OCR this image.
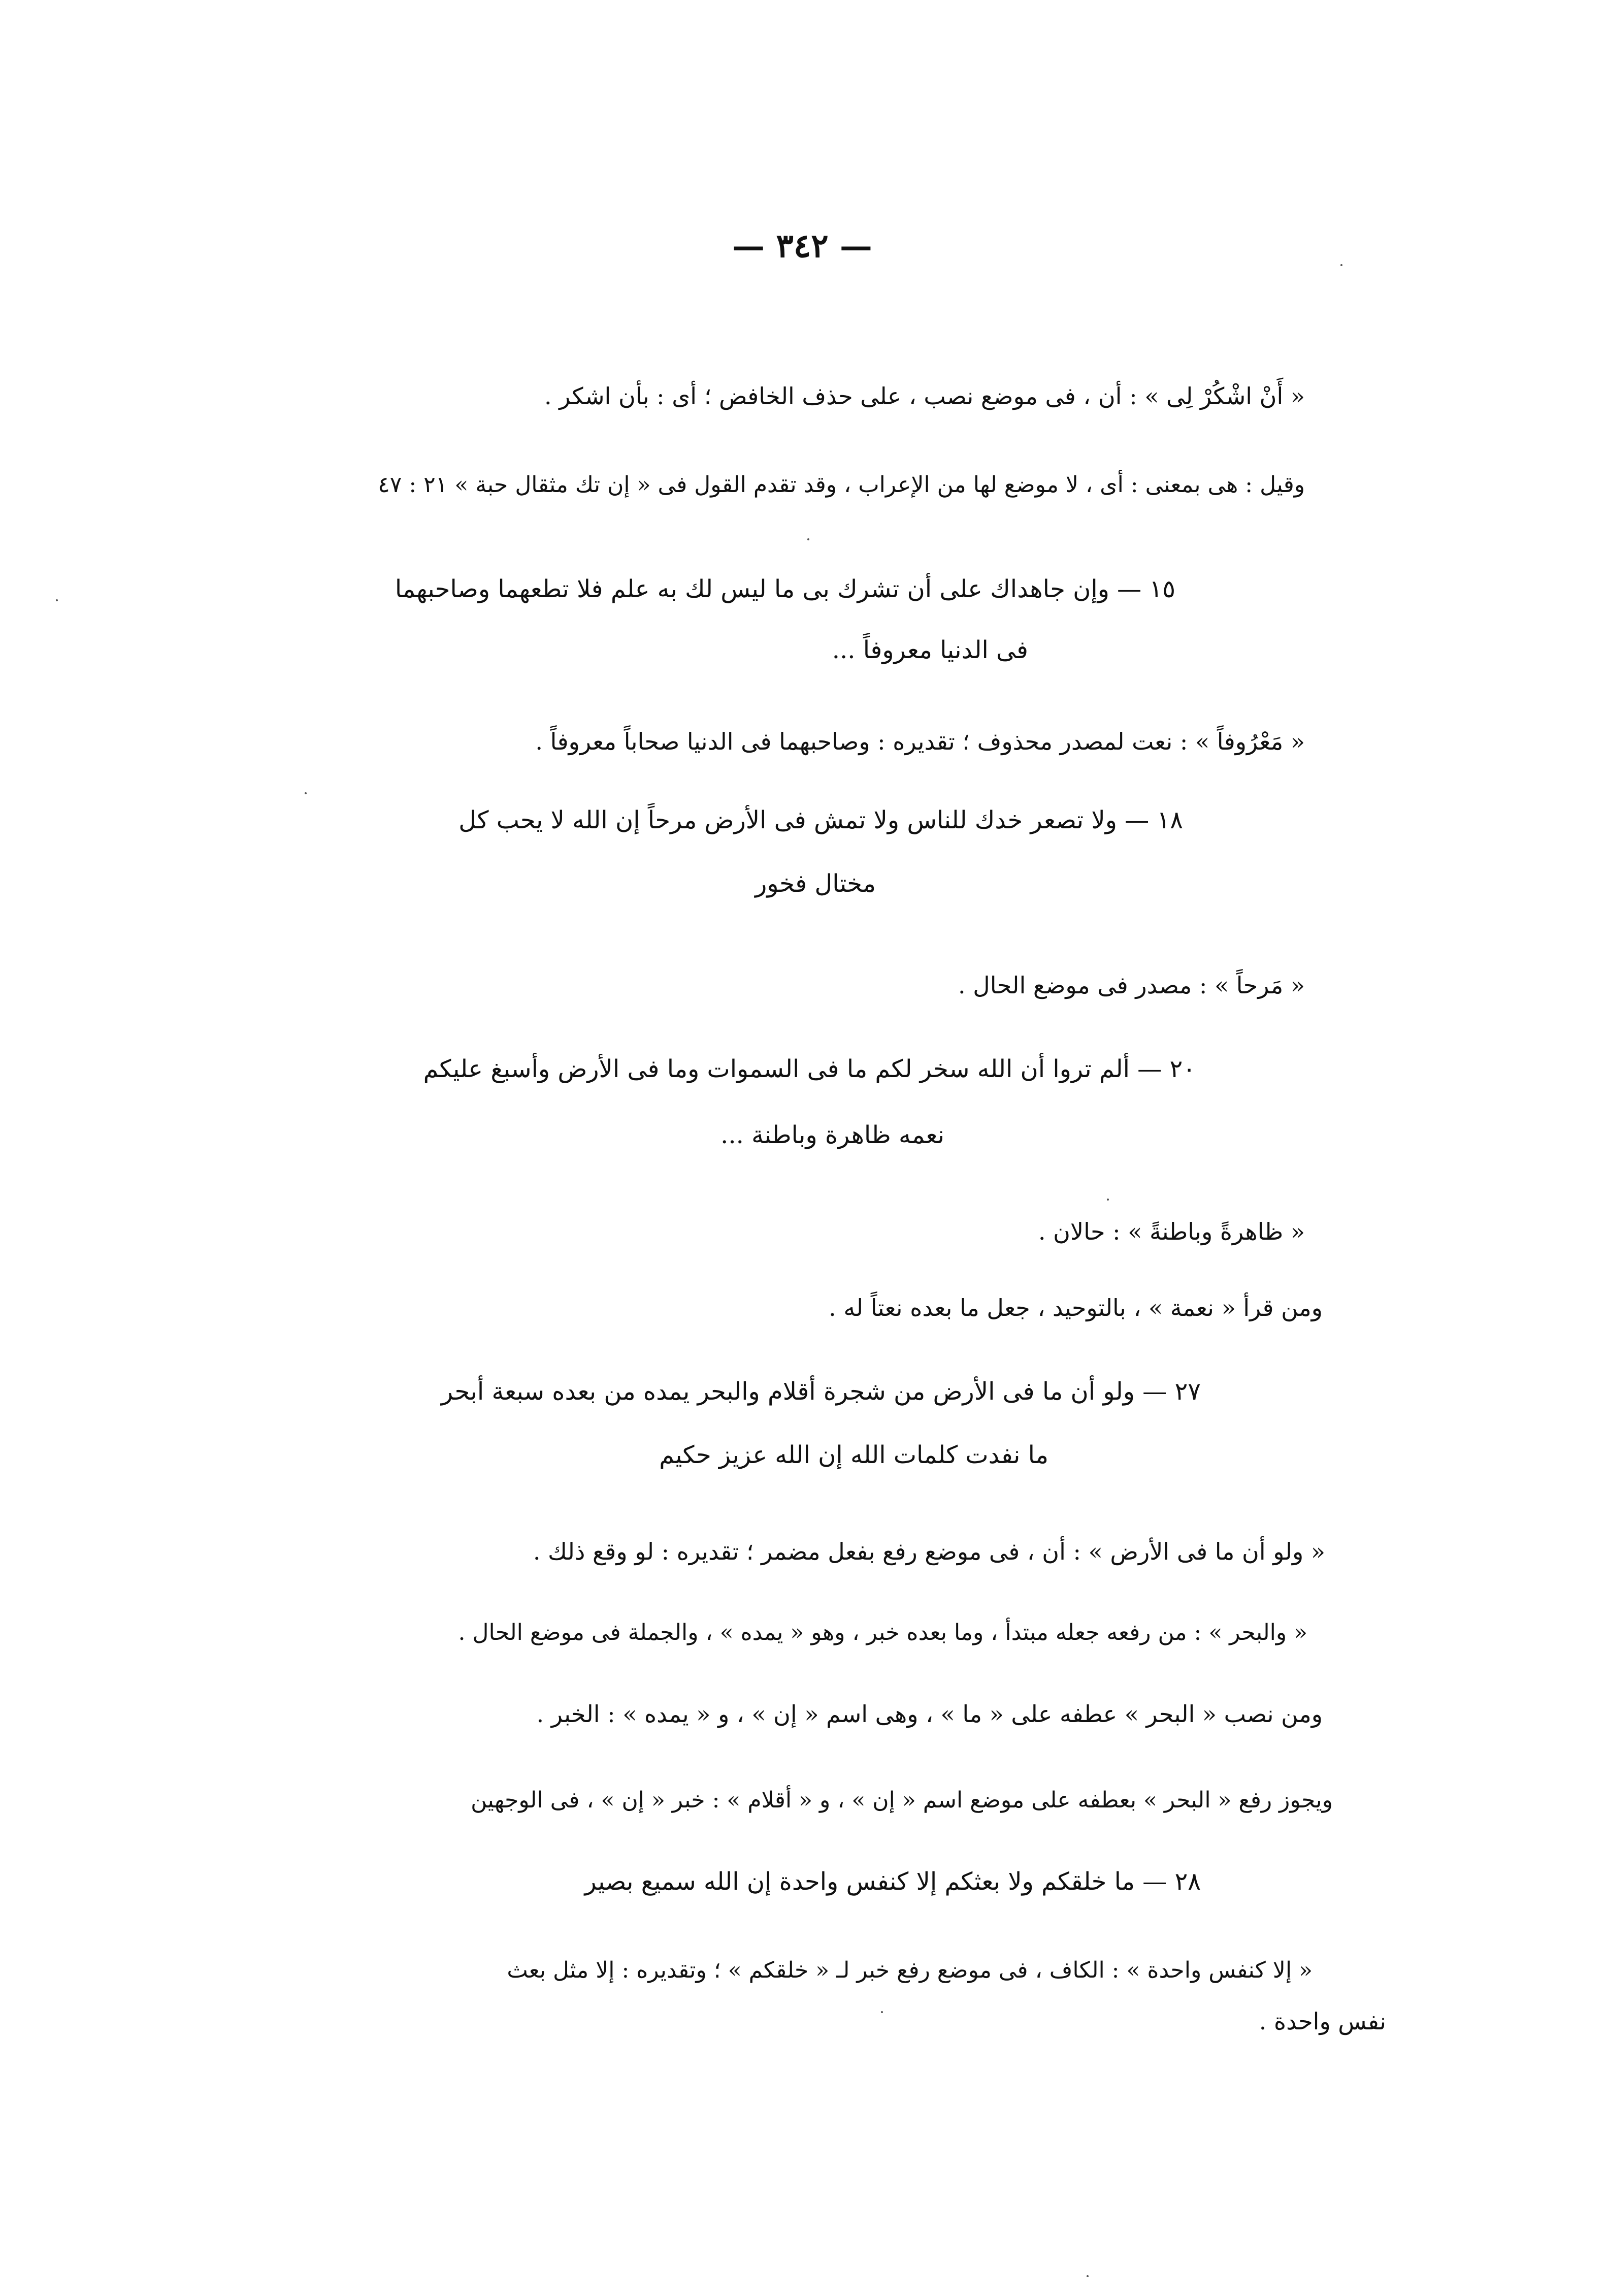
— ٣٤٢ —
« أَنْ اشْكُرْ لِى » : أن ، فى موضع نصب ، على حذف الخافض ؛ أى : بأن اشكر .
وقيل : هى بمعنى : أى ، لا موضع لها من الإعراب ، وقد تقدم القول فى « إن تك مثقال حبة » ٢١ : ٤٧
١٥ — وإن جاهداك على أن تشرك بى ما ليس لك به علم فلا تطعهما وصاحبهما
فى الدنيا معروفاً ...
« مَعْرُوفاً » : نعت لمصدر محذوف ؛ تقديره : وصاحبهما فى الدنيا صحاباً معروفاً .
١٨ — ولا تصعر خدك للناس ولا تمش فى الأرض مرحاً إن الله لا يحب كل
مختال فخور
« مَرحاً » : مصدر فى موضع الحال .
٢٠ — ألم تروا أن الله سخر لكم ما فى السموات وما فى الأرض وأسبغ عليكم
نعمه ظاهرة وباطنة ...
« ظاهرةً وباطنةً » : حالان .
ومن قرأ « نعمة » ، بالتوحيد ، جعل ما بعده نعتاً له .
٢٧ — ولو أن ما فى الأرض من شجرة أقلام والبحر يمده من بعده سبعة أبحر
ما نفدت كلمات الله إن الله عزيز حكيم
« ولو أن ما فى الأرض » : أن ، فى موضع رفع بفعل مضمر ؛ تقديره : لو وقع ذلك .
« والبحر » : من رفعه جعله مبتدأ ، وما بعده خبر ، وهو « يمده » ، والجملة فى موضع الحال .
ومن نصب « البحر » عطفه على « ما » ، وهى اسم « إن » ، و « يمده » : الخبر .
ويجوز رفع « البحر » بعطفه على موضع اسم « إن » ، و « أقلام » : خبر « إن » ، فى الوجهين
٢٨ — ما خلقكم ولا بعثكم إلا كنفس واحدة إن الله سميع بصير
« إلا كنفس واحدة » : الكاف ، فى موضع رفع خبر لـ « خلقكم » ؛ وتقديره : إلا مثل بعث
نفس واحدة .
